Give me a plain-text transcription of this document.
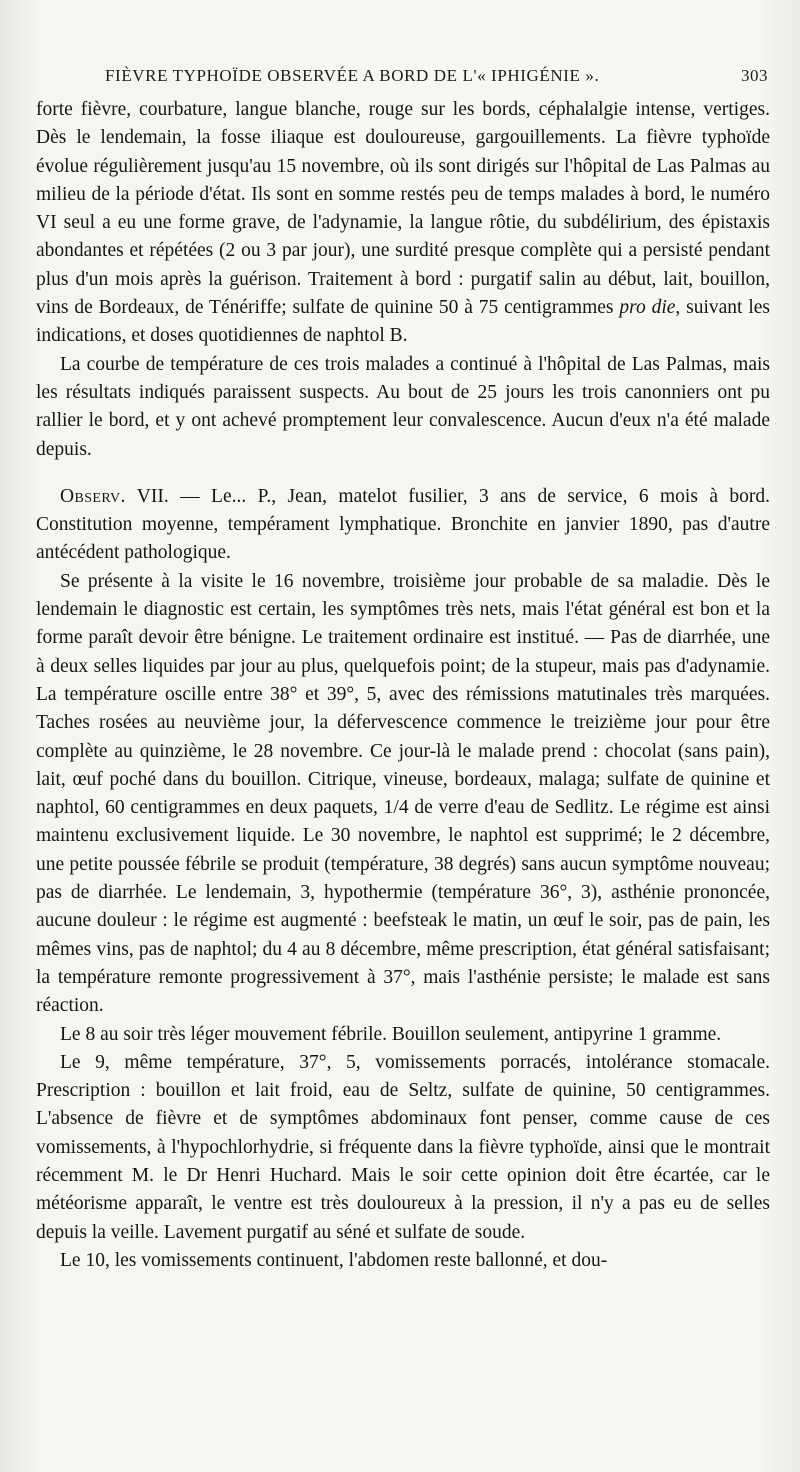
FIÈVRE TYPHOÏDE OBSERVÉE A BORD DE L'« IPHIGÉNIE ».	303

forte fièvre, courbature, langue blanche, rouge sur les bords, céphalalgie intense, vertiges. Dès le lendemain, la fosse iliaque est douloureuse, gargouillements. La fièvre typhoïde évolue régulièrement jusqu'au 15 novembre, où ils sont dirigés sur l'hôpital de Las Palmas au milieu de la période d'état. Ils sont en somme restés peu de temps malades à bord, le numéro VI seul a eu une forme grave, de l'adynamie, la langue rôtie, du subdélirium, des épistaxis abondantes et répétées (2 ou 3 par jour), une surdité presque complète qui a persisté pendant plus d'un mois après la guérison. Traitement à bord : purgatif salin au début, lait, bouillon, vins de Bordeaux, de Ténériffe; sulfate de quinine 50 à 75 centigrammes pro die, suivant les indications, et doses quotidiennes de naphtol B.

La courbe de température de ces trois malades a continué à l'hôpital de Las Palmas, mais les résultats indiqués paraissent suspects. Au bout de 25 jours les trois canonniers ont pu rallier le bord, et y ont achevé promptement leur convalescence. Aucun d'eux n'a été malade depuis.

Observ. VII. — Le... P., Jean, matelot fusilier, 3 ans de service, 6 mois à bord. Constitution moyenne, tempérament lymphatique. Bronchite en janvier 1890, pas d'autre antécédent pathologique.

Se présente à la visite le 16 novembre, troisième jour probable de sa maladie. Dès le lendemain le diagnostic est certain, les symptômes très nets, mais l'état général est bon et la forme paraît devoir être bénigne. Le traitement ordinaire est institué. — Pas de diarrhée, une à deux selles liquides par jour au plus, quelquefois point; de la stupeur, mais pas d'adynamie. La température oscille entre 38° et 39°, 5, avec des rémissions matutinales très marquées. Taches rosées au neuvième jour, la défervescence commence le treizième jour pour être complète au quinzième, le 28 novembre. Ce jour-là le malade prend : chocolat (sans pain), lait, œuf poché dans du bouillon. Citrique, vineuse, bordeaux, malaga; sulfate de quinine et naphtol, 60 centigrammes en deux paquets, 1/4 de verre d'eau de Sedlitz. Le régime est ainsi maintenu exclusivement liquide. Le 30 novembre, le naphtol est supprimé; le 2 décembre, une petite poussée fébrile se produit (température, 38 degrés) sans aucun symptôme nouveau; pas de diarrhée. Le lendemain, 3, hypothermie (température 36°, 3), asthénie prononcée, aucune douleur : le régime est augmenté : beefsteak le matin, un œuf le soir, pas de pain, les mêmes vins, pas de naphtol; du 4 au 8 décembre, même prescription, état général satisfaisant; la température remonte progressivement à 37°, mais l'asthénie persiste; le malade est sans réaction.

Le 8 au soir très léger mouvement fébrile. Bouillon seulement, antipyrine 1 gramme.

Le 9, même température, 37°, 5, vomissements porracés, intolérance stomacale. Prescription : bouillon et lait froid, eau de Seltz, sulfate de quinine, 50 centigrammes. L'absence de fièvre et de symptômes abdominaux font penser, comme cause de ces vomissements, à l'hypochlorhydrie, si fréquente dans la fièvre typhoïde, ainsi que le montrait récemment M. le Dr Henri Huchard. Mais le soir cette opinion doit être écartée, car le météorisme apparaît, le ventre est très douloureux à la pression, il n'y a pas eu de selles depuis la veille. Lavement purgatif au séné et sulfate de soude.

Le 10, les vomissements continuent, l'abdomen reste ballonné, et dou-
